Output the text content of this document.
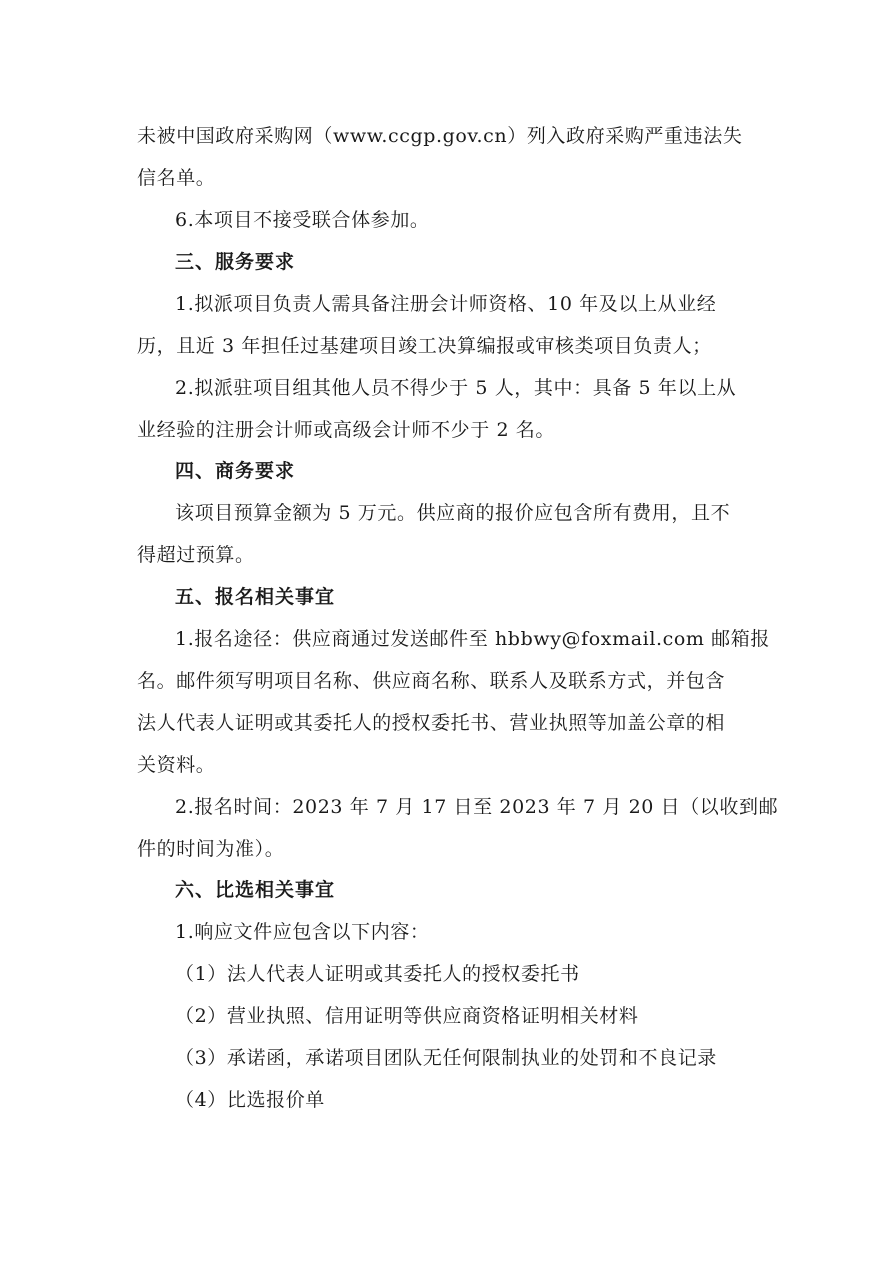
未被中国政府采购网（www.ccgp.gov.cn）列入政府采购严重违法失
信名单。
6.本项目不接受联合体参加。
三、服务要求
1.拟派项目负责人需具备注册会计师资格、10 年及以上从业经
历，且近 3 年担任过基建项目竣工决算编报或审核类项目负责人；
2.拟派驻项目组其他人员不得少于 5 人，其中：具备 5 年以上从
业经验的注册会计师或高级会计师不少于 2 名。
四、商务要求
该项目预算金额为 5 万元。供应商的报价应包含所有费用，且不
得超过预算。
五、报名相关事宜
1.报名途径：供应商通过发送邮件至 hbbwy@foxmail.com 邮箱报
名。邮件须写明项目名称、供应商名称、联系人及联系方式，并包含
法人代表人证明或其委托人的授权委托书、营业执照等加盖公章的相
关资料。
2.报名时间：2023 年 7 月 17 日至 2023 年 7 月 20 日（以收到邮
件的时间为准）。
六、比选相关事宜
1.响应文件应包含以下内容：
（1）法人代表人证明或其委托人的授权委托书
（2）营业执照、信用证明等供应商资格证明相关材料
（3）承诺函，承诺项目团队无任何限制执业的处罚和不良记录
（4）比选报价单
